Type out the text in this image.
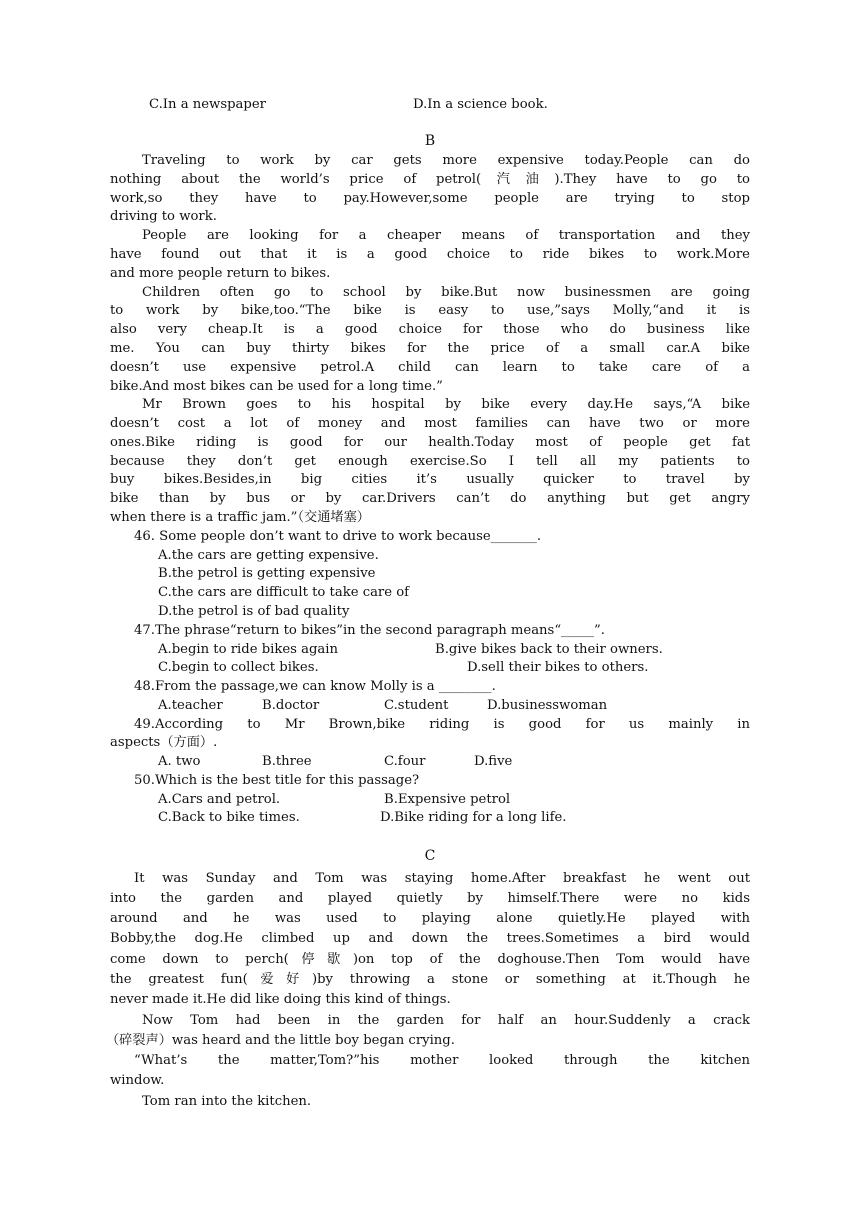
C.In a newspaper	D.In a science book.
B
Traveling to work by car gets more expensive today.People can do
nothing about the world’s price of petrol(汽油).They have to go to
work,so they have to pay.However,some people are trying to stop
driving to work.
People are looking for a cheaper means of transportation and they
have found out that it is a good choice to ride bikes to work.More
and more people return to bikes.
Children often go to school by bike.But now businessmen are going
to work by bike,too.“The bike is easy to use,”says Molly,“and it is
also very cheap.It is a good choice for those who do business like
me. You can buy thirty bikes for the price of a small car.A bike
doesn’t use expensive petrol.A child can learn to take care of a
bike.And most bikes can be used for a long time.”
Mr Brown goes to his hospital by bike every day.He says,“A bike
doesn’t cost a lot of money and most families can have two or more
ones.Bike riding is good for our health.Today most of people get fat
because they don’t get enough exercise.So I tell all my patients to
buy bikes.Besides,in big cities it’s usually quicker to travel by
bike than by bus or by car.Drivers can’t do anything but get angry
when there is a traffic jam.”（交通堵塞）
46. Some people don’t want to drive to work because_______.
A.the cars are getting expensive.
B.the petrol is getting expensive
C.the cars are difficult to take care of
D.the petrol is of bad quality
47.The phrase“return to bikes”in the second paragraph means“_____”.
A.begin to ride bikes again	B.give bikes back to their owners.
C.begin to collect bikes.	D.sell their bikes to others.
48.From the passage,we can know Molly is a ________.
A.teacher	B.doctor	C.student	D.businesswoman
49.According to Mr Brown,bike riding is good for us mainly in
aspects（方面）.
A. two	B.three	C.four	D.five
50.Which is the best title for this passage?
A.Cars and petrol.	B.Expensive petrol
C.Back to bike times.	D.Bike riding for a long life.
C
It was Sunday and Tom was staying home.After breakfast he went out
into the garden and played quietly by himself.There were no kids
around and he was used to playing alone quietly.He played with
Bobby,the dog.He climbed up and down the trees.Sometimes a bird would
come down to perch(停歇)on top of the doghouse.Then Tom would have
the greatest fun(爱好)by throwing a stone or something at it.Though he
never made it.He did like doing this kind of things.
Now Tom had been in the garden for half an hour.Suddenly a crack
（碎裂声）was heard and the little boy began crying.
“What’s the matter,Tom?”his mother looked through the kitchen
window.
Tom ran into the kitchen.
